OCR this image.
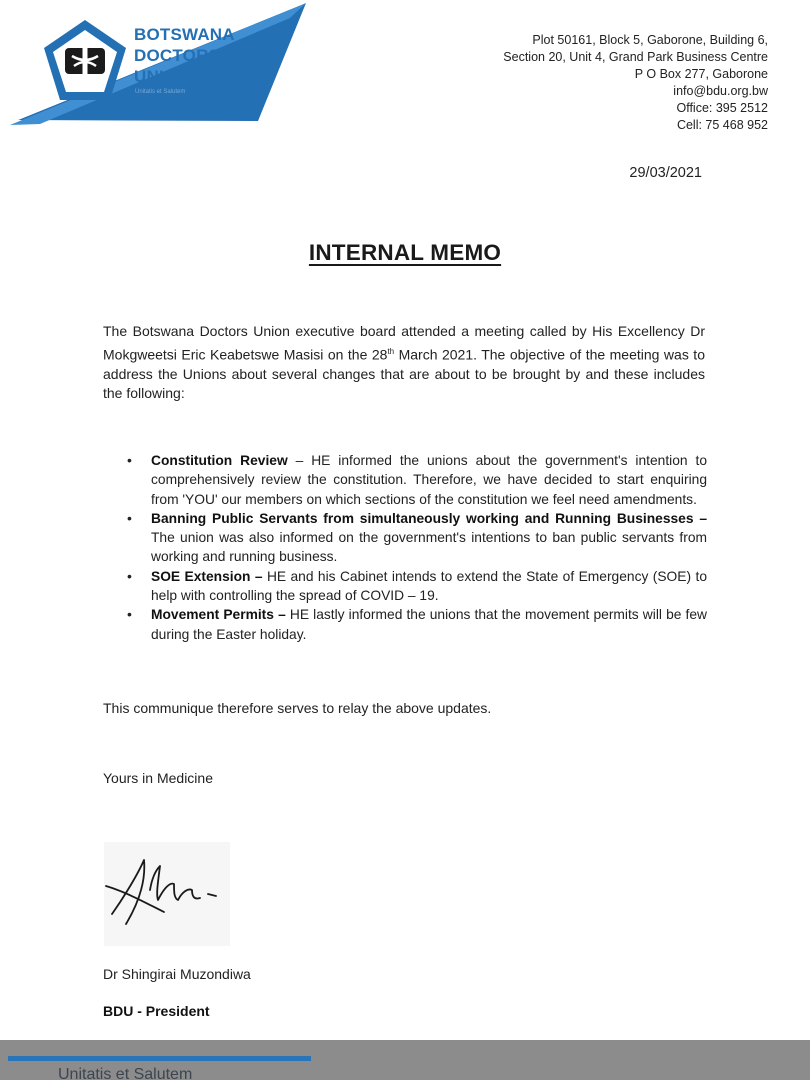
BOTSWANA
DOCTORS
UNION
Unitatis et Salutem
Plot 50161, Block 5, Gaborone, Building 6,
Section 20, Unit 4, Grand Park Business Centre
P O Box 277, Gaborone
info@bdu.org.bw
Office: 395 2512
Cell: 75 468 952
29/03/2021
INTERNAL MEMO

The Botswana Doctors Union executive board attended a meeting called by His Excellency Dr Mokgweetsi Eric Keabetswe Masisi on the 28th March 2021. The objective of the meeting was to address the Unions about several changes that are about to be brought by and these includes the following:

• Constitution Review – HE informed the unions about the government's intention to comprehensively review the constitution. Therefore, we have decided to start enquiring from 'YOU' our members on which sections of the constitution we feel need amendments.
• Banning Public Servants from simultaneously working and Running Businesses – The union was also informed on the government's intentions to ban public servants from working and running business.
• SOE Extension – HE and his Cabinet intends to extend the State of Emergency (SOE) to help with controlling the spread of COVID – 19.
• Movement Permits – HE lastly informed the unions that the movement permits will be few during the Easter holiday.
This communique therefore serves to relay the above updates.
Yours in Medicine
Dr Shingirai Muzondiwa
BDU - President
Unitatis et Salutem
